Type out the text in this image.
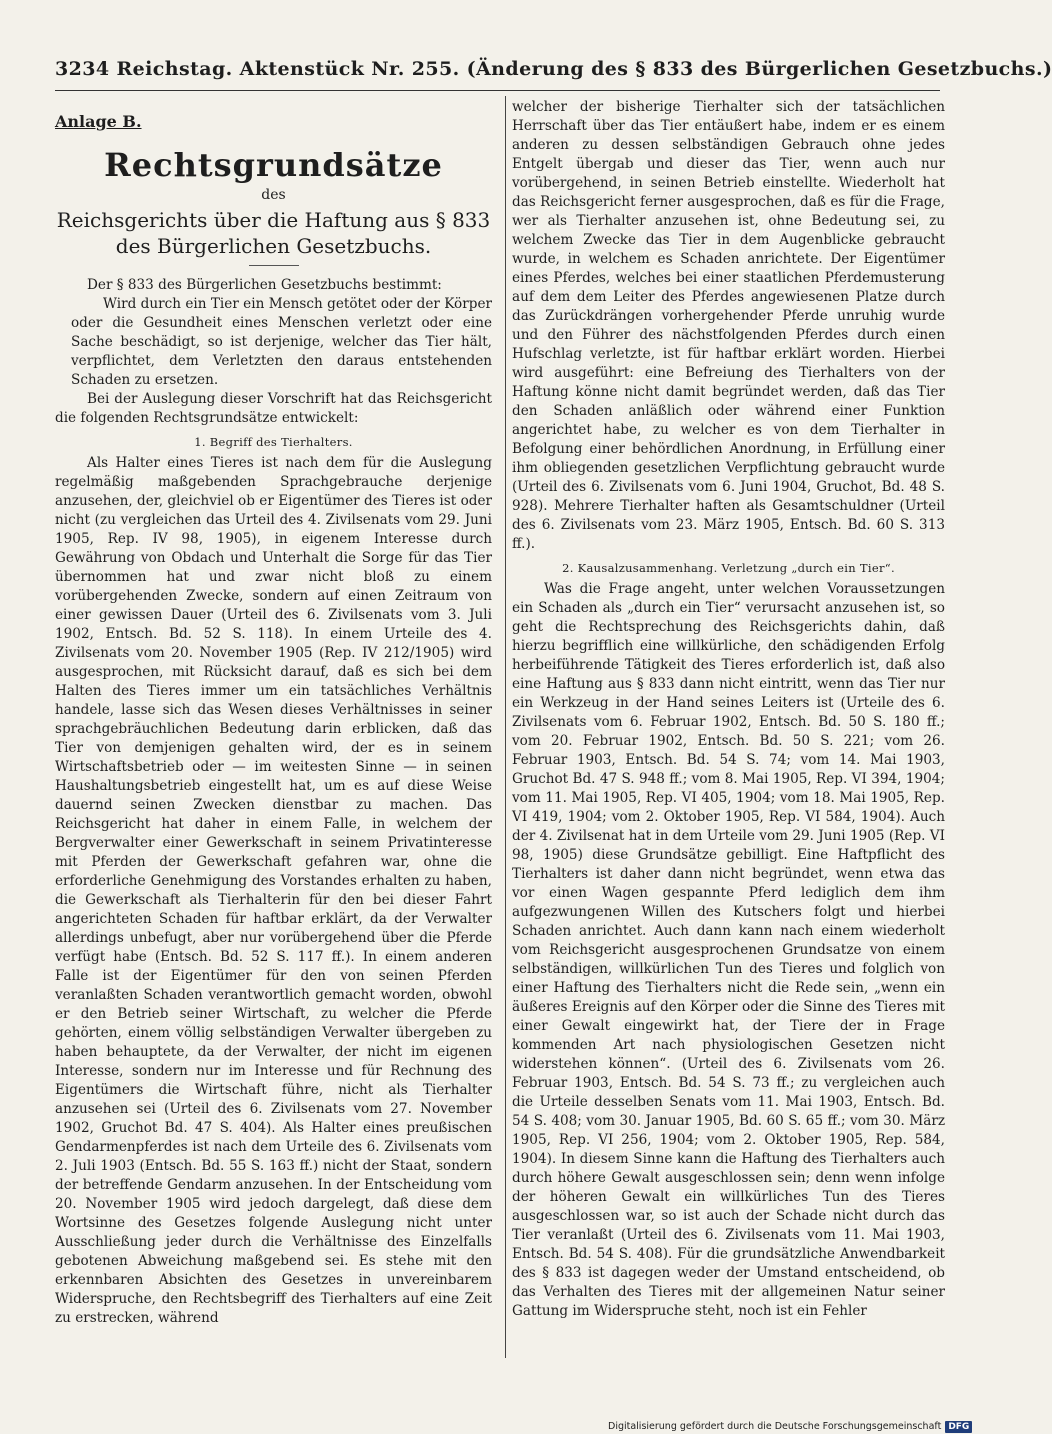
3234 Reichstag. Aktenstück Nr. 255. (Änderung des § 833 des Bürgerlichen Gesetzbuchs.)
Anlage B.
Rechtsgrundsätze
des
Reichsgerichts über die Haftung aus § 833 des Bürgerlichen Gesetzbuchs.

Der § 833 des Bürgerlichen Gesetzbuchs bestimmt:

Wird durch ein Tier ein Mensch getötet oder der Körper oder die Gesundheit eines Menschen verletzt oder eine Sache beschädigt, so ist derjenige, welcher das Tier hält, verpflichtet, dem Verletzten den daraus entstehenden Schaden zu ersetzen.

Bei der Auslegung dieser Vorschrift hat das Reichsgericht die folgenden Rechtsgrundsätze entwickelt:

1. Begriff des Tierhalters.

Als Halter eines Tieres ist nach dem für die Auslegung regelmäßig maßgebenden Sprachgebrauche derjenige anzusehen, der, gleichviel ob er Eigentümer des Tieres ist oder nicht (zu vergleichen das Urteil des 4. Zivilsenats vom 29. Juni 1905, Rep. IV 98, 1905), in eigenem Interesse durch Gewährung von Obdach und Unterhalt die Sorge für das Tier übernommen hat und zwar nicht bloß zu einem vorübergehenden Zwecke, sondern auf einen Zeitraum von einer gewissen Dauer (Urteil des 6. Zivilsenats vom 3. Juli 1902, Entsch. Bd. 52 S. 118). In einem Urteile des 4. Zivilsenats vom 20. November 1905 (Rep. IV 212/1905) wird ausgesprochen, mit Rücksicht darauf, daß es sich bei dem Halten des Tieres immer um ein tatsächliches Verhältnis handele, lasse sich das Wesen dieses Verhältnisses in seiner sprachgebräuchlichen Bedeutung darin erblicken, daß das Tier von demjenigen gehalten wird, der es in seinem Wirtschaftsbetrieb oder — im weitesten Sinne — in seinen Haushaltungsbetrieb eingestellt hat, um es auf diese Weise dauernd seinen Zwecken dienstbar zu machen. Das Reichsgericht hat daher in einem Falle, in welchem der Bergverwalter einer Gewerkschaft in seinem Privatinteresse mit Pferden der Gewerkschaft gefahren war, ohne die erforderliche Genehmigung des Vorstandes erhalten zu haben, die Gewerkschaft als Tierhalterin für den bei dieser Fahrt angerichteten Schaden für haftbar erklärt, da der Verwalter allerdings unbefugt, aber nur vorübergehend über die Pferde verfügt habe (Entsch. Bd. 52 S. 117 ff.). In einem anderen Falle ist der Eigentümer für den von seinen Pferden veranlaßten Schaden verantwortlich gemacht worden, obwohl er den Betrieb seiner Wirtschaft, zu welcher die Pferde gehörten, einem völlig selbständigen Verwalter übergeben zu haben behauptete, da der Verwalter, der nicht im eigenen Interesse, sondern nur im Interesse und für Rechnung des Eigentümers die Wirtschaft führe, nicht als Tierhalter anzusehen sei (Urteil des 6. Zivilsenats vom 27. November 1902, Gruchot Bd. 47 S. 404). Als Halter eines preußischen Gendarmenpferdes ist nach dem Urteile des 6. Zivilsenats vom 2. Juli 1903 (Entsch. Bd. 55 S. 163 ff.) nicht der Staat, sondern der betreffende Gendarm anzusehen. In der Entscheidung vom 20. November 1905 wird jedoch dargelegt, daß diese dem Wortsinne des Gesetzes folgende Auslegung nicht unter Ausschließung jeder durch die Verhältnisse des Einzelfalls gebotenen Abweichung maßgebend sei. Es stehe mit den erkennbaren Absichten des Gesetzes in unvereinbarem Widerspruche, den Rechtsbegriff des Tierhalters auf eine Zeit zu erstrecken, während

welcher der bisherige Tierhalter sich der tatsächlichen Herrschaft über das Tier entäußert habe, indem er es einem anderen zu dessen selbständigen Gebrauch ohne jedes Entgelt übergab und dieser das Tier, wenn auch nur vorübergehend, in seinen Betrieb einstellte. Wiederholt hat das Reichsgericht ferner ausgesprochen, daß es für die Frage, wer als Tierhalter anzusehen ist, ohne Bedeutung sei, zu welchem Zwecke das Tier in dem Augenblicke gebraucht wurde, in welchem es Schaden anrichtete. Der Eigentümer eines Pferdes, welches bei einer staatlichen Pferdemusterung auf dem dem Leiter des Pferdes angewiesenen Platze durch das Zurückdrängen vorhergehender Pferde unruhig wurde und den Führer des nächstfolgenden Pferdes durch einen Hufschlag verletzte, ist für haftbar erklärt worden. Hierbei wird ausgeführt: eine Befreiung des Tierhalters von der Haftung könne nicht damit begründet werden, daß das Tier den Schaden anläßlich oder während einer Funktion angerichtet habe, zu welcher es von dem Tierhalter in Befolgung einer behördlichen Anordnung, in Erfüllung einer ihm obliegenden gesetzlichen Verpflichtung gebraucht wurde (Urteil des 6. Zivilsenats vom 6. Juni 1904, Gruchot, Bd. 48 S. 928). Mehrere Tierhalter haften als Gesamtschuldner (Urteil des 6. Zivilsenats vom 23. März 1905, Entsch. Bd. 60 S. 313 ff.).

2. Kausalzusammenhang. Verletzung „durch ein Tier“.

Was die Frage angeht, unter welchen Voraussetzungen ein Schaden als „durch ein Tier“ verursacht anzusehen ist, so geht die Rechtsprechung des Reichsgerichts dahin, daß hierzu begrifflich eine willkürliche, den schädigenden Erfolg herbeiführende Tätigkeit des Tieres erforderlich ist, daß also eine Haftung aus § 833 dann nicht eintritt, wenn das Tier nur ein Werkzeug in der Hand seines Leiters ist (Urteile des 6. Zivilsenats vom 6. Februar 1902, Entsch. Bd. 50 S. 180 ff.; vom 20. Februar 1902, Entsch. Bd. 50 S. 221; vom 26. Februar 1903, Entsch. Bd. 54 S. 74; vom 14. Mai 1903, Gruchot Bd. 47 S. 948 ff.; vom 8. Mai 1905, Rep. VI 394, 1904; vom 11. Mai 1905, Rep. VI 405, 1904; vom 18. Mai 1905, Rep. VI 419, 1904; vom 2. Oktober 1905, Rep. VI 584, 1904). Auch der 4. Zivilsenat hat in dem Urteile vom 29. Juni 1905 (Rep. VI 98, 1905) diese Grundsätze gebilligt. Eine Haftpflicht des Tierhalters ist daher dann nicht begründet, wenn etwa das vor einen Wagen gespannte Pferd lediglich dem ihm aufgezwungenen Willen des Kutschers folgt und hierbei Schaden anrichtet. Auch dann kann nach einem wiederholt vom Reichsgericht ausgesprochenen Grundsatze von einem selbständigen, willkürlichen Tun des Tieres und folglich von einer Haftung des Tierhalters nicht die Rede sein, „wenn ein äußeres Ereignis auf den Körper oder die Sinne des Tieres mit einer Gewalt eingewirkt hat, der Tiere der in Frage kommenden Art nach physiologischen Gesetzen nicht widerstehen können“. (Urteil des 6. Zivilsenats vom 26. Februar 1903, Entsch. Bd. 54 S. 73 ff.; zu vergleichen auch die Urteile desselben Senats vom 11. Mai 1903, Entsch. Bd. 54 S. 408; vom 30. Januar 1905, Bd. 60 S. 65 ff.; vom 30. März 1905, Rep. VI 256, 1904; vom 2. Oktober 1905, Rep. 584, 1904). In diesem Sinne kann die Haftung des Tierhalters auch durch höhere Gewalt ausgeschlossen sein; denn wenn infolge der höheren Gewalt ein willkürliches Tun des Tieres ausgeschlossen war, so ist auch der Schade nicht durch das Tier veranlaßt (Urteil des 6. Zivilsenats vom 11. Mai 1903, Entsch. Bd. 54 S. 408). Für die grundsätzliche Anwendbarkeit des § 833 ist dagegen weder der Umstand entscheidend, ob das Verhalten des Tieres mit der allgemeinen Natur seiner Gattung im Widerspruche steht, noch ist ein Fehler

Digitalisierung gefördert durch die Deutsche Forschungsgemeinschaft DFG
